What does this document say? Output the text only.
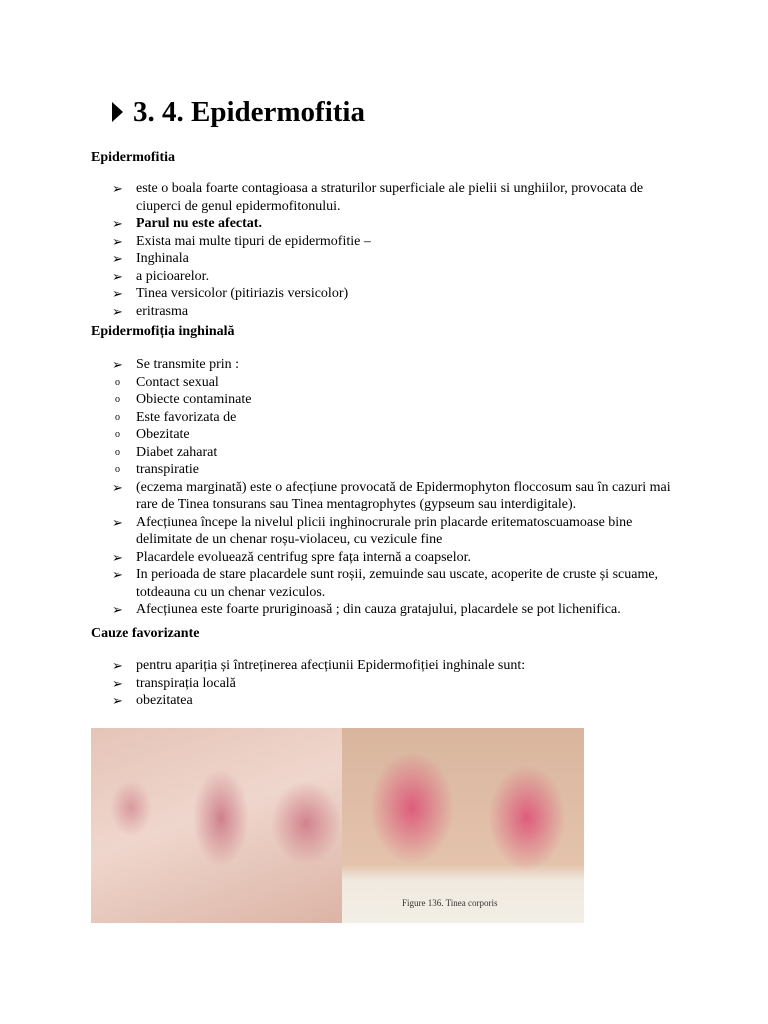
3. 4. Epidermofitia
Epidermofitia
➢ este o boala foarte contagioasa a straturilor superficiale ale pielii si unghiilor, provocata de ciuperci de genul epidermofitonului.
➢ Parul nu este afectat.
➢ Exista mai multe tipuri de epidermofitie –
➢ Inghinala
➢ a picioarelor.
➢ Tinea versicolor (pitiriazis versicolor)
➢ eritrasma
Epidermofiția inghinală
➢ Se transmite prin :
o	Contact sexual
o	Obiecte contaminate
o	Este favorizata de
o	Obezitate
o	Diabet zaharat
o	transpiratie
➢ (eczema marginată) este o afecțiune provocată de Epidermophyton floccosum sau în cazuri mai rare de Tinea tonsurans sau Tinea mentagrophytes (gypseum sau interdigitale).
➢ Afecțiunea începe la nivelul plicii inghinocrurale prin placarde eritematoscuamoase bine delimitate de un chenar roșu-violaceu, cu vezicule fine
➢ Placardele evoluează centrifug spre fața internă a coapselor.
➢ In perioada de stare placardele sunt roșii, zemuinde sau uscate, acoperite de cruste și scuame, totdeauna cu un chenar veziculos.
➢ Afecțiunea este foarte pruriginoasă ; din cauza gratajului, placardele se pot lichenifica.
Cauze favorizante
➢ pentru apariția și întreținerea afecțiunii Epidermofiției inghinale sunt:
➢ transpirația locală
➢ obezitatea
Figure 136. Tinea corporis
